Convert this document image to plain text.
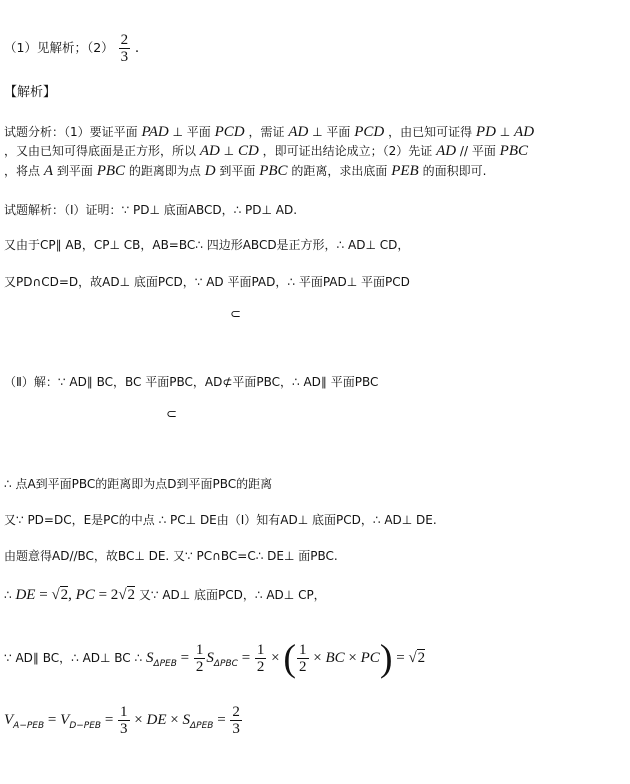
（1）见解析；$(2) \frac{2}{3}$ .
【解析】
试题分析：（1）要证平面 PAD ⊥ 平面 PCD ，需证 AD ⊥ 平面 PCD ，由已知可证得 PD ⊥ AD
，又由已知可得底面是正方形，所以 AD ⊥ CD ，即可证出结论成立；（2）先证 AD // 平面 PBC
，将点 A 到平面 PBC 的距离即为点 D 到平面 PBC 的距离，求出底面 PEB 的面积即可.
试题解析：（Ⅰ）证明：∵ PD⊥ 底面ABCD，∴ PD⊥ AD.
又由于CP∥ AB，CP⊥ CB，AB=BC∴ 四边形ABCD是正方形，∴ AD⊥ CD，
又PD∩CD=D，故AD⊥ 底面PCD，∵ AD 平面PAD，∴ 平面PAD⊥ 平面PCD
⊂
（Ⅱ）解：∵ AD∥ BC，BC 平面PBC，AD⊄平面PBC，∴ AD∥ 平面PBC
⊂
∴ 点A到平面PBC的距离即为点D到平面PBC的距离
又∵ PD=DC，E是PC的中点 ∴ PC⊥ DE由（Ⅰ）知有AD⊥ 底面PCD，∴ AD⊥ DE.
由题意得AD//BC，故BC⊥ DE. 又∵ PC∩BC=C∴ DE⊥ 面PBC.
∴ DE = √2, PC = 2√2 又∵ AD⊥ 底面PCD，∴ AD⊥ CP，
∵ AD∥ BC，∴ AD⊥ BC ∴ $S_{\Delta PEB} = \frac{1}{2} S_{\Delta PBC} = \frac{1}{2}$ × ( $\frac{1}{2}$ × BC × PC) = √2
$V_{A-PEB} = V_{D-PEB} = \frac{1}{3}$ × DE × $S_{\Delta PEB} = \frac{2}{3}$
